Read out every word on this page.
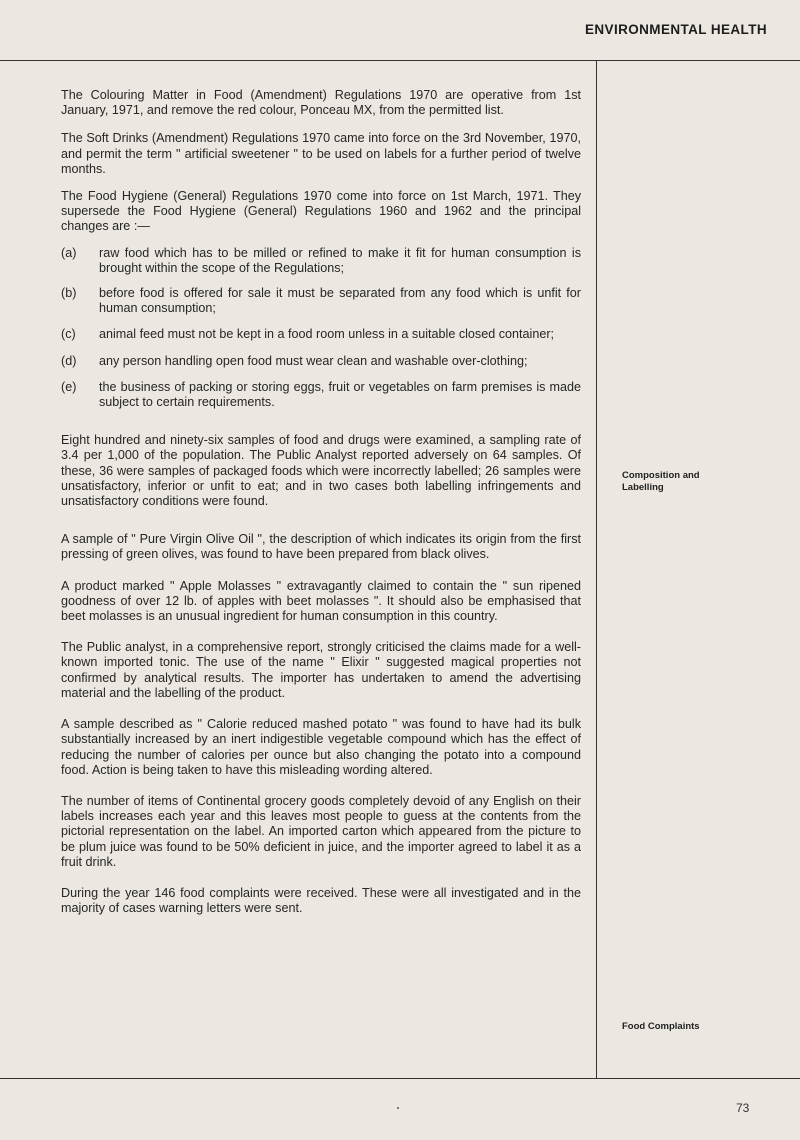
ENVIRONMENTAL HEALTH

The Colouring Matter in Food (Amendment) Regulations 1970 are operative from 1st January, 1971, and remove the red colour, Ponceau MX, from the permitted list.

The Soft Drinks (Amendment) Regulations 1970 came into force on the 3rd November, 1970, and permit the term " artificial sweetener " to be used on labels for a further period of twelve months.

The Food Hygiene (General) Regulations 1970 come into force on 1st March, 1971. They supersede the Food Hygiene (General) Regulations 1960 and 1962 and the principal changes are :—

(a)	raw food which has to be milled or refined to make it fit for human consumption is brought within the scope of the Regulations;
(b)	before food is offered for sale it must be separated from any food which is unfit for human consumption;
(c)	animal feed must not be kept in a food room unless in a suitable closed container;
(d)	any person handling open food must wear clean and washable over-clothing;
(e)	the business of packing or storing eggs, fruit or vegetables on farm premises is made subject to certain requirements.

Eight hundred and ninety-six samples of food and drugs were examined, a sampling rate of 3.4 per 1,000 of the population. The Public Analyst reported adversely on 64 samples. Of these, 36 were samples of packaged foods which were incorrectly labelled; 26 samples were unsatisfactory, inferior or unfit to eat; and in two cases both labelling infringements and unsatisfactory conditions were found.

A sample of " Pure Virgin Olive Oil ", the description of which indicates its origin from the first pressing of green olives, was found to have been prepared from black olives.

A product marked " Apple Molasses " extravagantly claimed to contain the " sun ripened goodness of over 12 lb. of apples with beet molasses ". It should also be emphasised that beet molasses is an unusual ingredient for human consumption in this country.

The Public analyst, in a comprehensive report, strongly criticised the claims made for a well-known imported tonic. The use of the name " Elixir " suggested magical properties not confirmed by analytical results. The importer has undertaken to amend the advertising material and the labelling of the product.

A sample described as " Calorie reduced mashed potato " was found to have had its bulk substantially increased by an inert indigestible vegetable compound which has the effect of reducing the number of calories per ounce but also changing the potato into a compound food. Action is being taken to have this misleading wording altered.

The number of items of Continental grocery goods completely devoid of any English on their labels increases each year and this leaves most people to guess at the contents from the pictorial representation on the label. An imported carton which appeared from the picture to be plum juice was found to be 50% deficient in juice, and the importer agreed to label it as a fruit drink.

During the year 146 food complaints were received. These were all investigated and in the majority of cases warning letters were sent.

Composition and Labelling
Food Complaints
73
